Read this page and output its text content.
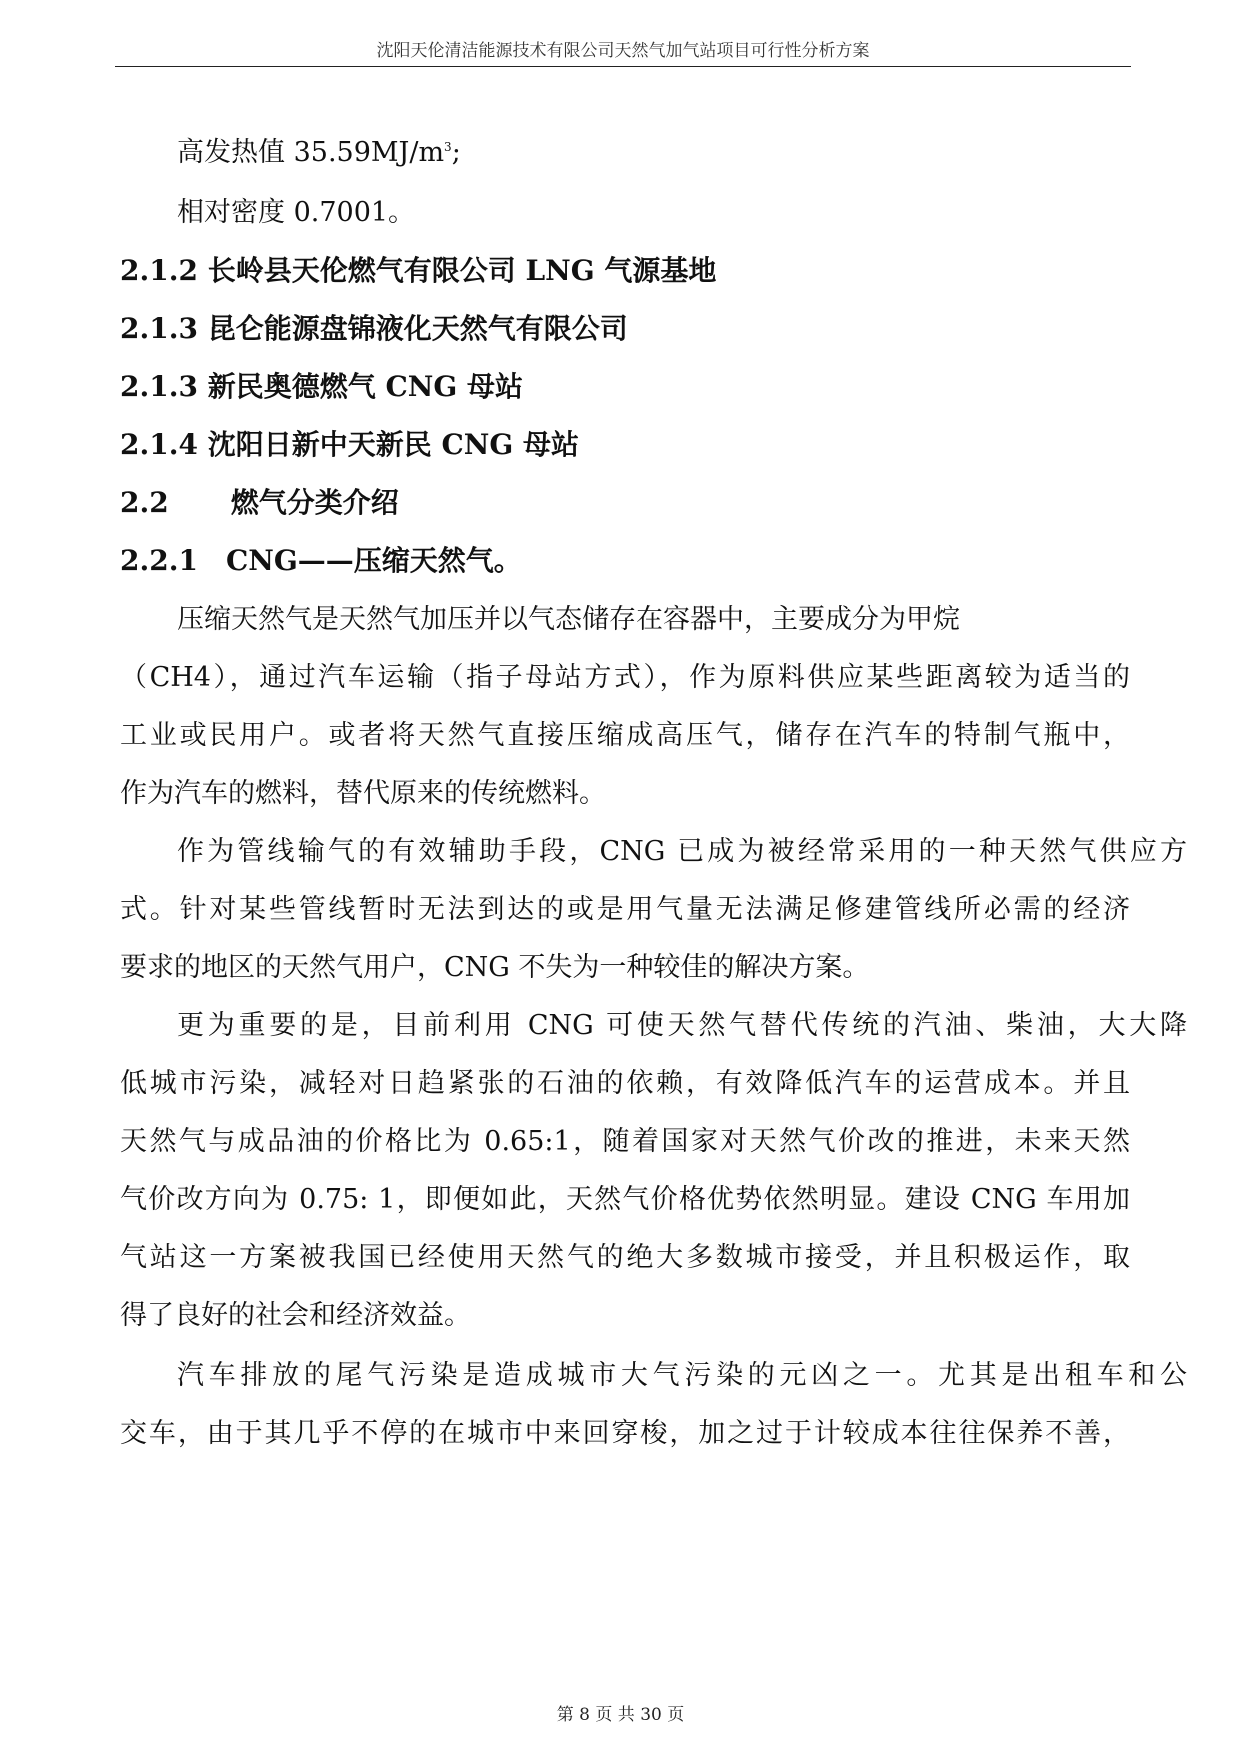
沈阳天伦清洁能源技术有限公司天然气加气站项目可行性分析方案
高发热值 $35.59MJ/m^3$;
相对密度 0.7001。
2.1.2 长岭县天伦燃气有限公司 LNG 气源基地
2.1.3 昆仑能源盘锦液化天然气有限公司
2.1.3 新民奥德燃气 CNG 母站
2.1.4 沈阳日新中天新民 CNG 母站
2.2 燃气分类介绍
2.2.1 CNG——压缩天然气。
压缩天然气是天然气加压并以气态储存在容器中，主要成分为甲烷
（CH4），通过汽车运输（指子母站方式），作为原料供应某些距离较为适当的
工业或民用户。或者将天然气直接压缩成高压气，储存在汽车的特制气瓶中，
作为汽车的燃料，替代原来的传统燃料。
作为管线输气的有效辅助手段，CNG 已成为被经常采用的一种天然气供应方
式。针对某些管线暂时无法到达的或是用气量无法满足修建管线所必需的经济
要求的地区的天然气用户，CNG 不失为一种较佳的解决方案。
更为重要的是，目前利用 CNG 可使天然气替代传统的汽油、柴油，大大降
低城市污染，减轻对日趋紧张的石油的依赖，有效降低汽车的运营成本。并且
天然气与成品油的价格比为 0.65:1，随着国家对天然气价改的推进，未来天然
气价改方向为 0.75: 1，即便如此，天然气价格优势依然明显。建设 CNG 车用加
气站这一方案被我国已经使用天然气的绝大多数城市接受，并且积极运作，取
得了良好的社会和经济效益。
汽车排放的尾气污染是造成城市大气污染的元凶之一。尤其是出租车和公
交车，由于其几乎不停的在城市中来回穿梭，加之过于计较成本往往保养不善，
第 8 页 共 30 页
